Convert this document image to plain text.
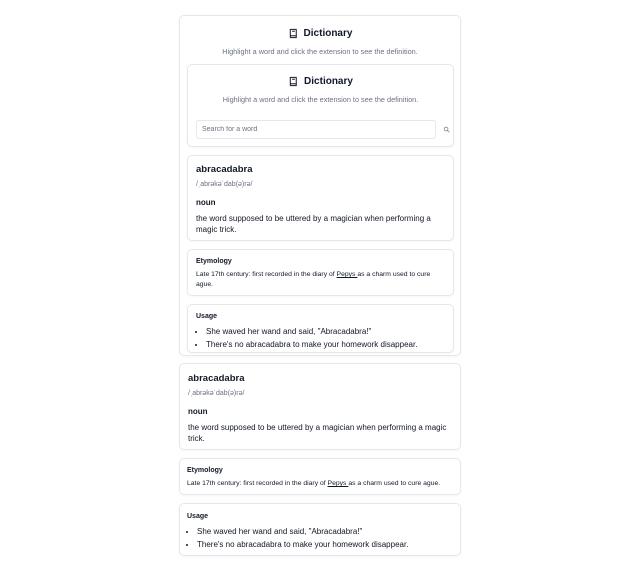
Dictionary
Highlight a word and click the extension to see the definition.
Dictionary
Highlight a word and click the extension to see the definition.
Search for a word
abracadabra
/ˌabrəkəˈdab(ə)rə/
noun
the word supposed to be uttered by a magician when performing a magic trick.
Etymology
Late 17th century: first recorded in the diary of Pepys as a charm used to cure ague.
Usage
• She waved her wand and said, "Abracadabra!"
• There's no abracadabra to make your homework disappear.
abracadabra
/ˌabrəkəˈdab(ə)rə/
noun
the word supposed to be uttered by a magician when performing a magic trick.
Etymology
Late 17th century: first recorded in the diary of Pepys as a charm used to cure ague.
Usage
• She waved her wand and said, "Abracadabra!"
• There's no abracadabra to make your homework disappear.
